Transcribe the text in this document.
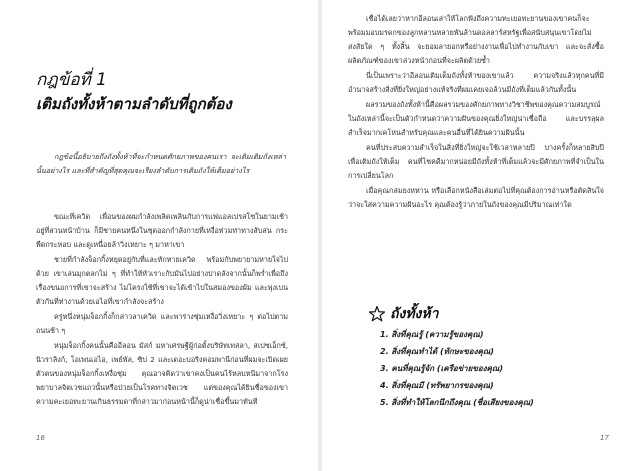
กฎข้อที่ 1
เติมถังทั้งห้าตามลำดับที่ถูกต้อง

กฎข้อนี้อธิบายถึงถังทั้งห้าที่จะกำหนดศักยภาพของคนเรา จะเติมเติมถังเหล่านั้นอย่างไร และที่สำคัญที่สุดคุณจะเรียงลำดับการเติมถังให้เต็มอย่างไร

ขณะที่เควิด เพื่อนของผมกำลังเพลิดเพลินกับการแฟแอลเปรสโซในยามเช้าอยู่ที่สวนหน้าบ้าน ก็มีชายคนหนึ่งในชุดออกกำลังกายที่เหงื่อท่วมท่าทางสับสน กระพืดกระหอบ และดูเหนื่อยล้าวิ่งเหยาะ ๆ มาหาเขา

ชายที่กำลังจ็อกกิ้งหยุดอยู่กับที่และทักทายเควิด พร้อมกับพยายามหายใจไปด้วย เขาเล่นมุกตลกไม่ ๆ ที่ทำให้หัวเราะกับมันไปอย่างปาดลังจากนั้นก็พร่ำเพื่อถึงเรื่องขนอการที่เขาจะสร้าง ไม่โครงใช้ที่เขาจะได้เข้าไปในสมองของผ้ม และพุ่งเบนตัวกันที่ท่างานด้วยเอไอที่เขากำลังจะสร้าง

ครู่หนึ่งหนุ่มจ็อกกิ้งก็กล่าวลาเควิด และพาร่างชุ่มเหงื่อวิ่งเหยาะ ๆ ต่อไปตามถนนช้า ๆ

หนุ่มจ็อกกิ้งคนนั้นคืออีลอน มัสก์ มหาเศรษฐีผู้ก่อตั้งบริษัทเทสลา, สเปซเอ็กซ์, นิวราลิงก์, โอเพนเอไอ, เพย์พัล, ซิป 2 และเดอะบอริงคอมพานีก่อนที่ผมจะเปิดเผยตัวตนของหนุ่มจ็อกกิ้งเหงื่อชุ่ม คุณอาจคิดว่าเขาคงเป็นคนไร้หลบหนีมาจากโรงพยาบาลจิตเวชแถวนั้นหรือป่วยเป็นโรคทางจิตเวช แต่ของคุณได้ยินชื่อของเขา ความคะเยอทะยานเกินธรรมดาที่กล่าวมาก่อนหน้านี้ก็ดูน่าเชื่อขึ้นมาทันที

16

เชื่อได้เลยว่าหากอีลอนเล่าให้โลกฟังถึงความทะเยอทะยานของเขาคนก็จะพร้อมมอบมรดกของลูกหลานหลายพันล้านดอลลาร์สหรัฐเพื่อสนับสนุนเขาโดยไม่สงสัยใด ๆ ทั้งสิ้น จะยอมลายอกหรือย่างงานเพื่อไปทำงานกับเขา และจะสั่งซื้อผลิตภัณฑ์ของเขาล่วงหน้าก่อนที่จะผลิตด้วยซ้ำ

นี่เป็นเพราะว่าอีลอนเติมเต็มถังทั้งห้าของเขาแล้ว ความจริงแล้วทุกคนที่มีอำนาจสร้างสิ่งที่ยิ่งใหญ่อย่างแท้จริงที่ผมเคยเจอล้วนมีถังที่เต็มแล้วกันทั้งนั้น

ผลรวมของถังทั้งห้านี้คือผลรวมของศักยภาพทางวิชาชีพของคุณความสมบูรณ์ในถังเหล่านี้จะเป็นตัวกำหนดว่าความฝันของคุณยิ่งใหญ่น่าเชื่อถือ และบรรลุผลสำเร็จมากเคโหนสำหรับคุณและคนอื่นที่ได้ยินความฝันนั้น

คนที่ประสบความสำเร็จในสิ่งที่ยิ่งใหญ่จะใช้เวลาหลายปี บางครั้งก็หลายสิบปีเพื่อเติมถังให้เต็ม คนที่โชคดีมากหน่อยมีถังทั้งห้าที่เต็มแล้วจะมีศักยภาพที่จำเป็นในการเปลี่ยนโลก

เมื่อคุณกล่มยงหหาน หรือเลือกหนังสือเล่มต่อไปที่คุณต้องการอ่านหรือตัดสินใจว่าจะใส่ความความฝันอะไร คุณต้องรู้ว่าภายในถังของคุณมีปริมาณเท่าใด

ถังทั้งห้า
1. สิ่งที่คุณรู้ (ความรู้ของคุณ)
2. สิ่งที่คุณทำได้ (ทักษะของคุณ)
3. คนที่คุณรู้จัก (เครือข่ายของคุณ)
4. สิ่งที่คุณมี (ทรัพยากรของคุณ)
5. สิ่งที่ทำให้โลกนึกถึงคุณ (ชื่อเสียงของคุณ)
17
